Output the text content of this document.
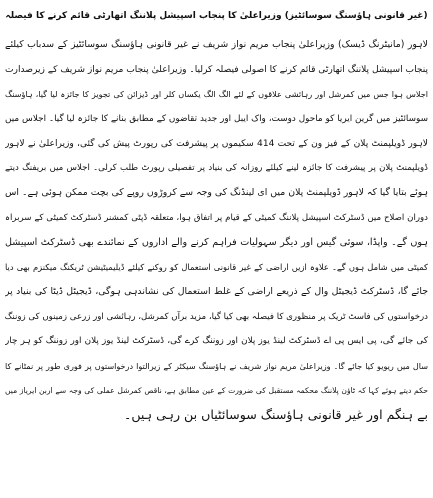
(غیر قانونی ہاؤسنگ سوسائٹیز) وزیراعلیٰ کا پنجاب اسپیشل پلاننگ اتھارٹی قائم کرنے کا فیصلہ
لاہور (مانیٹرنگ ڈیسک) وزیراعلیٰ پنجاب مریم نواز شریف نے غیر قانونی ہاؤسنگ سوسائٹیز کے سدباب کیلئے
پنجاب اسپیشل پلاننگ اتھارٹی قائم کرنے کا اصولی فیصلہ کرلیا۔ وزیراعلیٰ پنجاب مریم نواز شریف کے زیرصدارت
اجلاس ہوا جس میں کمرشل اور رہائشی علاقوں کے لئے الگ الگ یکساں کلر اور ڈیزائن کی تجویز کا جائزہ لیا گیا، ہاؤسنگ
سوسائٹیز میں گرین ایریا کو ماحول دوست، واک ایبل اور جدید تقاضوں کے مطابق بنانے کا جائزہ لیا گیا۔ اجلاس میں
لاہور ڈویلپمنٹ پلان کے فیز ون کے تحت 414 سکیموں پر پیشرفت کی رپورٹ پیش کی گئی، وزیراعلیٰ نے لاہور
ڈویلپمنٹ پلان پر پیشرفت کا جائزہ لینے کیلئے روزانہ کی بنیاد پر تفصیلی رپورٹ طلب کرلی۔ اجلاس میں بریفنگ دیتے
ہوئے بتایا گیا کہ لاہور ڈویلپمنٹ پلان میں ای لینڈنگ کی وجہ سے کروڑوں روپے کی بچت ممکن ہوئی ہے۔ اس
دوران اصلاح میں ڈسٹرکٹ اسپیشل پلاننگ کمیٹی کے قیام پر اتفاق ہوا، متعلقہ ڈپٹی کمشنر ڈسٹرکٹ کمیٹی کے سربراہ
ہوں گے۔ واپڈا، سوئی گیس اور دیگر سہولیات فراہم کرنے والے اداروں کے نمائندے بھی ڈسٹرکٹ اسپیشل
کمیٹی میں شامل ہوں گے۔ علاوہ ازیں اراضی کے غیر قانونی استعمال کو روکنے کیلئے ڈیلیمیٹیشن ٹریکنگ میکنزم بھی دیا
جائے گا، ڈسٹرکٹ ڈیجیٹل وال کے ذریعے اراضی کے غلط استعمال کی نشاندہی ہوگی، ڈیجیٹل ڈیٹا کی بنیاد پر
درخواستوں کی فاسٹ ٹریک پر منظوری کا فیصلہ بھی کیا گیا، مزید برآں کمرشل، رہائشی اور زرعی زمینوں کی زوننگ
کی جائے گی، پی ایس پی اے ڈسٹرکٹ لینڈ یوز پلان اور زوننگ کرے گی، ڈسٹرکٹ لینڈ یوز پلان اور زوننگ کو ہر چار
سال میں ریویو کیا جائے گا۔ وزیراعلیٰ مریم نواز شریف نے ہاؤسنگ سیکٹر کے زیرالتوا درخواستوں پر فوری طور پر نمٹانے کا
حکم دیتے ہوئے کہا کہ ٹاؤن پلاننگ محکمہ مستقبل کی ضرورت کے عین مطابق ہے، ناقص کمرشل عملی کی وجہ سے اربن ایریاز میں
بے ہنگم اور غیر قانونی ہاؤسنگ سوسائٹیاں بن رہی ہیں۔
